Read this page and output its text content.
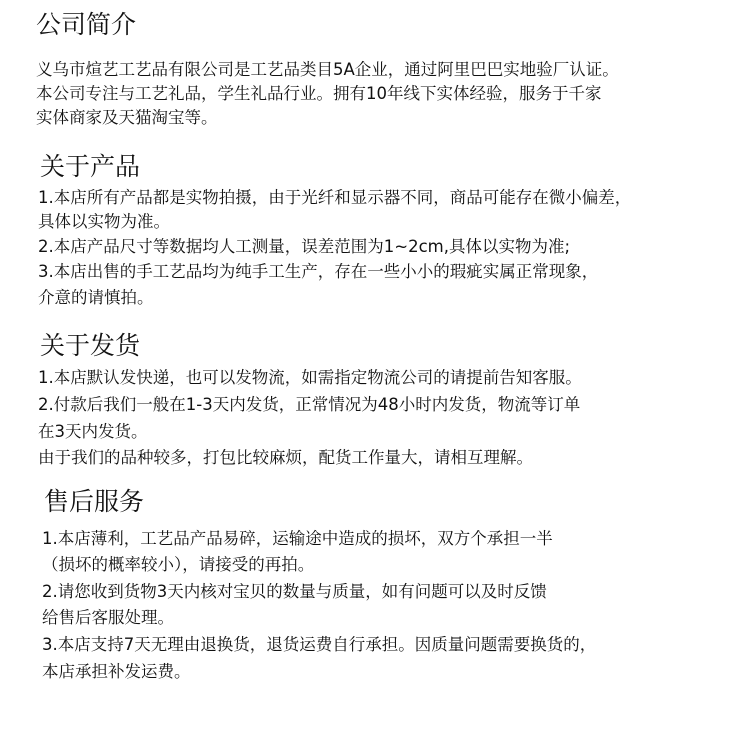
公司简介
义乌市煊艺工艺品有限公司是工艺品类目5A企业，通过阿里巴巴实地验厂认证。
本公司专注与工艺礼品，学生礼品行业。拥有10年线下实体经验，服务于千家
实体商家及天猫淘宝等。
关于产品
1.本店所有产品都是实物拍摄，由于光纤和显示器不同，商品可能存在微小偏差，
具体以实物为准。
2.本店产品尺寸等数据均人工测量，误差范围为1~2cm,具体以实物为准;
3.本店出售的手工艺品均为纯手工生产，存在一些小小的瑕疵实属正常现象，
介意的请慎拍。
关于发货
1.本店默认发快递，也可以发物流，如需指定物流公司的请提前告知客服。
2.付款后我们一般在1-3天内发货，正常情况为48小时内发货，物流等订单
在3天内发货。
由于我们的品种较多，打包比较麻烦，配货工作量大，请相互理解。
售后服务
1.本店薄利，工艺品产品易碎，运输途中造成的损坏，双方个承担一半
（损坏的概率较小），请接受的再拍。
2.请您收到货物3天内核对宝贝的数量与质量，如有问题可以及时反馈
给售后客服处理。
3.本店支持7天无理由退换货，退货运费自行承担。因质量问题需要换货的，
本店承担补发运费。
